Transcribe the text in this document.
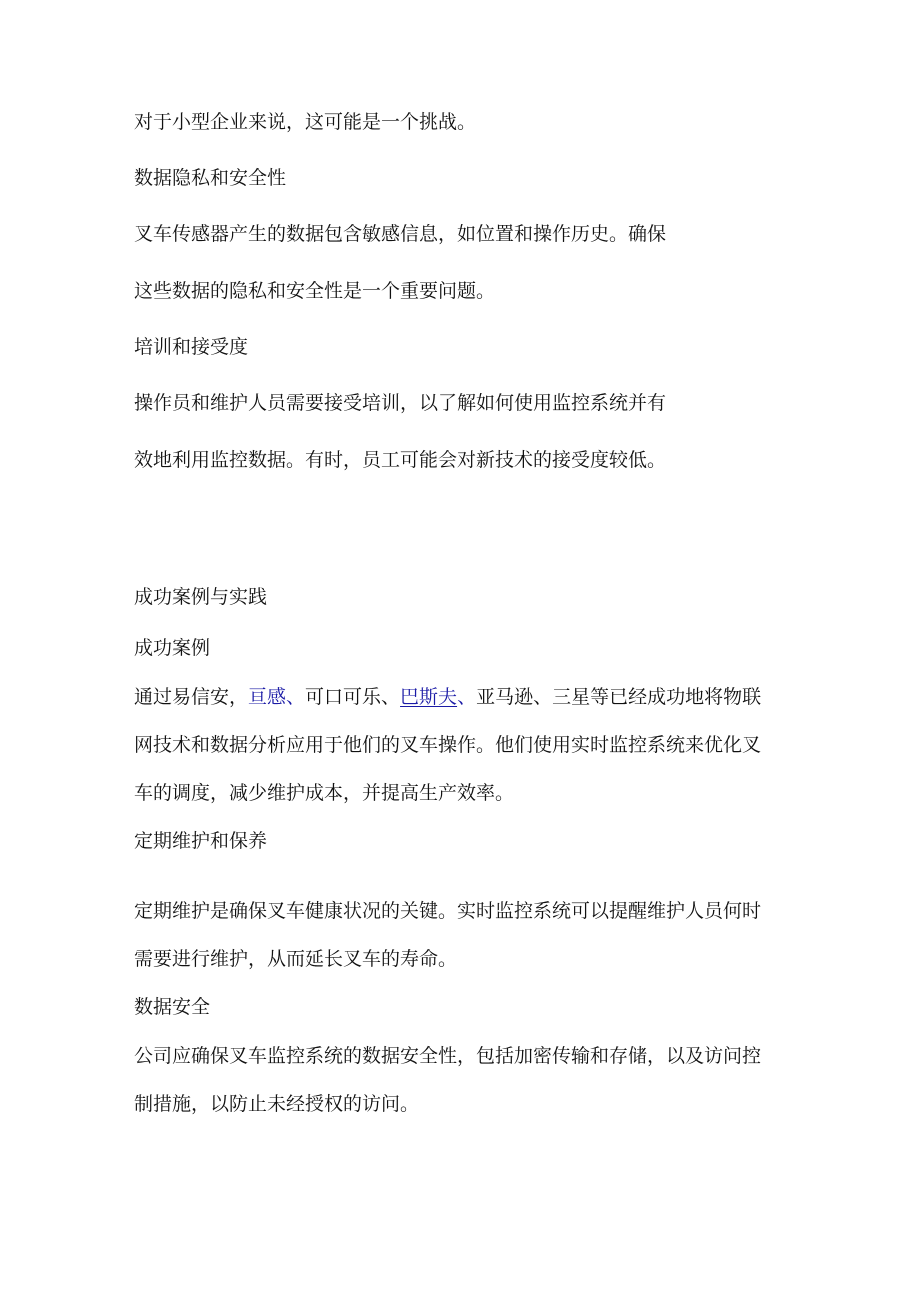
对于小型企业来说，这可能是一个挑战。
数据隐私和安全性
叉车传感器产生的数据包含敏感信息，如位置和操作历史。确保
这些数据的隐私和安全性是一个重要问题。
培训和接受度
操作员和维护人员需要接受培训，以了解如何使用监控系统并有
效地利用监控数据。有时，员工可能会对新技术的接受度较低。
成功案例与实践
成功案例
通过易信安，亘感、可口可乐、巴斯夫、亚马逊、三星等已经成功地将物联
网技术和数据分析应用于他们的叉车操作。他们使用实时监控系统来优化叉
车的调度，减少维护成本，并提高生产效率。
定期维护和保养
定期维护是确保叉车健康状况的关键。实时监控系统可以提醒维护人员何时
需要进行维护，从而延长叉车的寿命。
数据安全
公司应确保叉车监控系统的数据安全性，包括加密传输和存储，以及访问控
制措施，以防止未经授权的访问。
